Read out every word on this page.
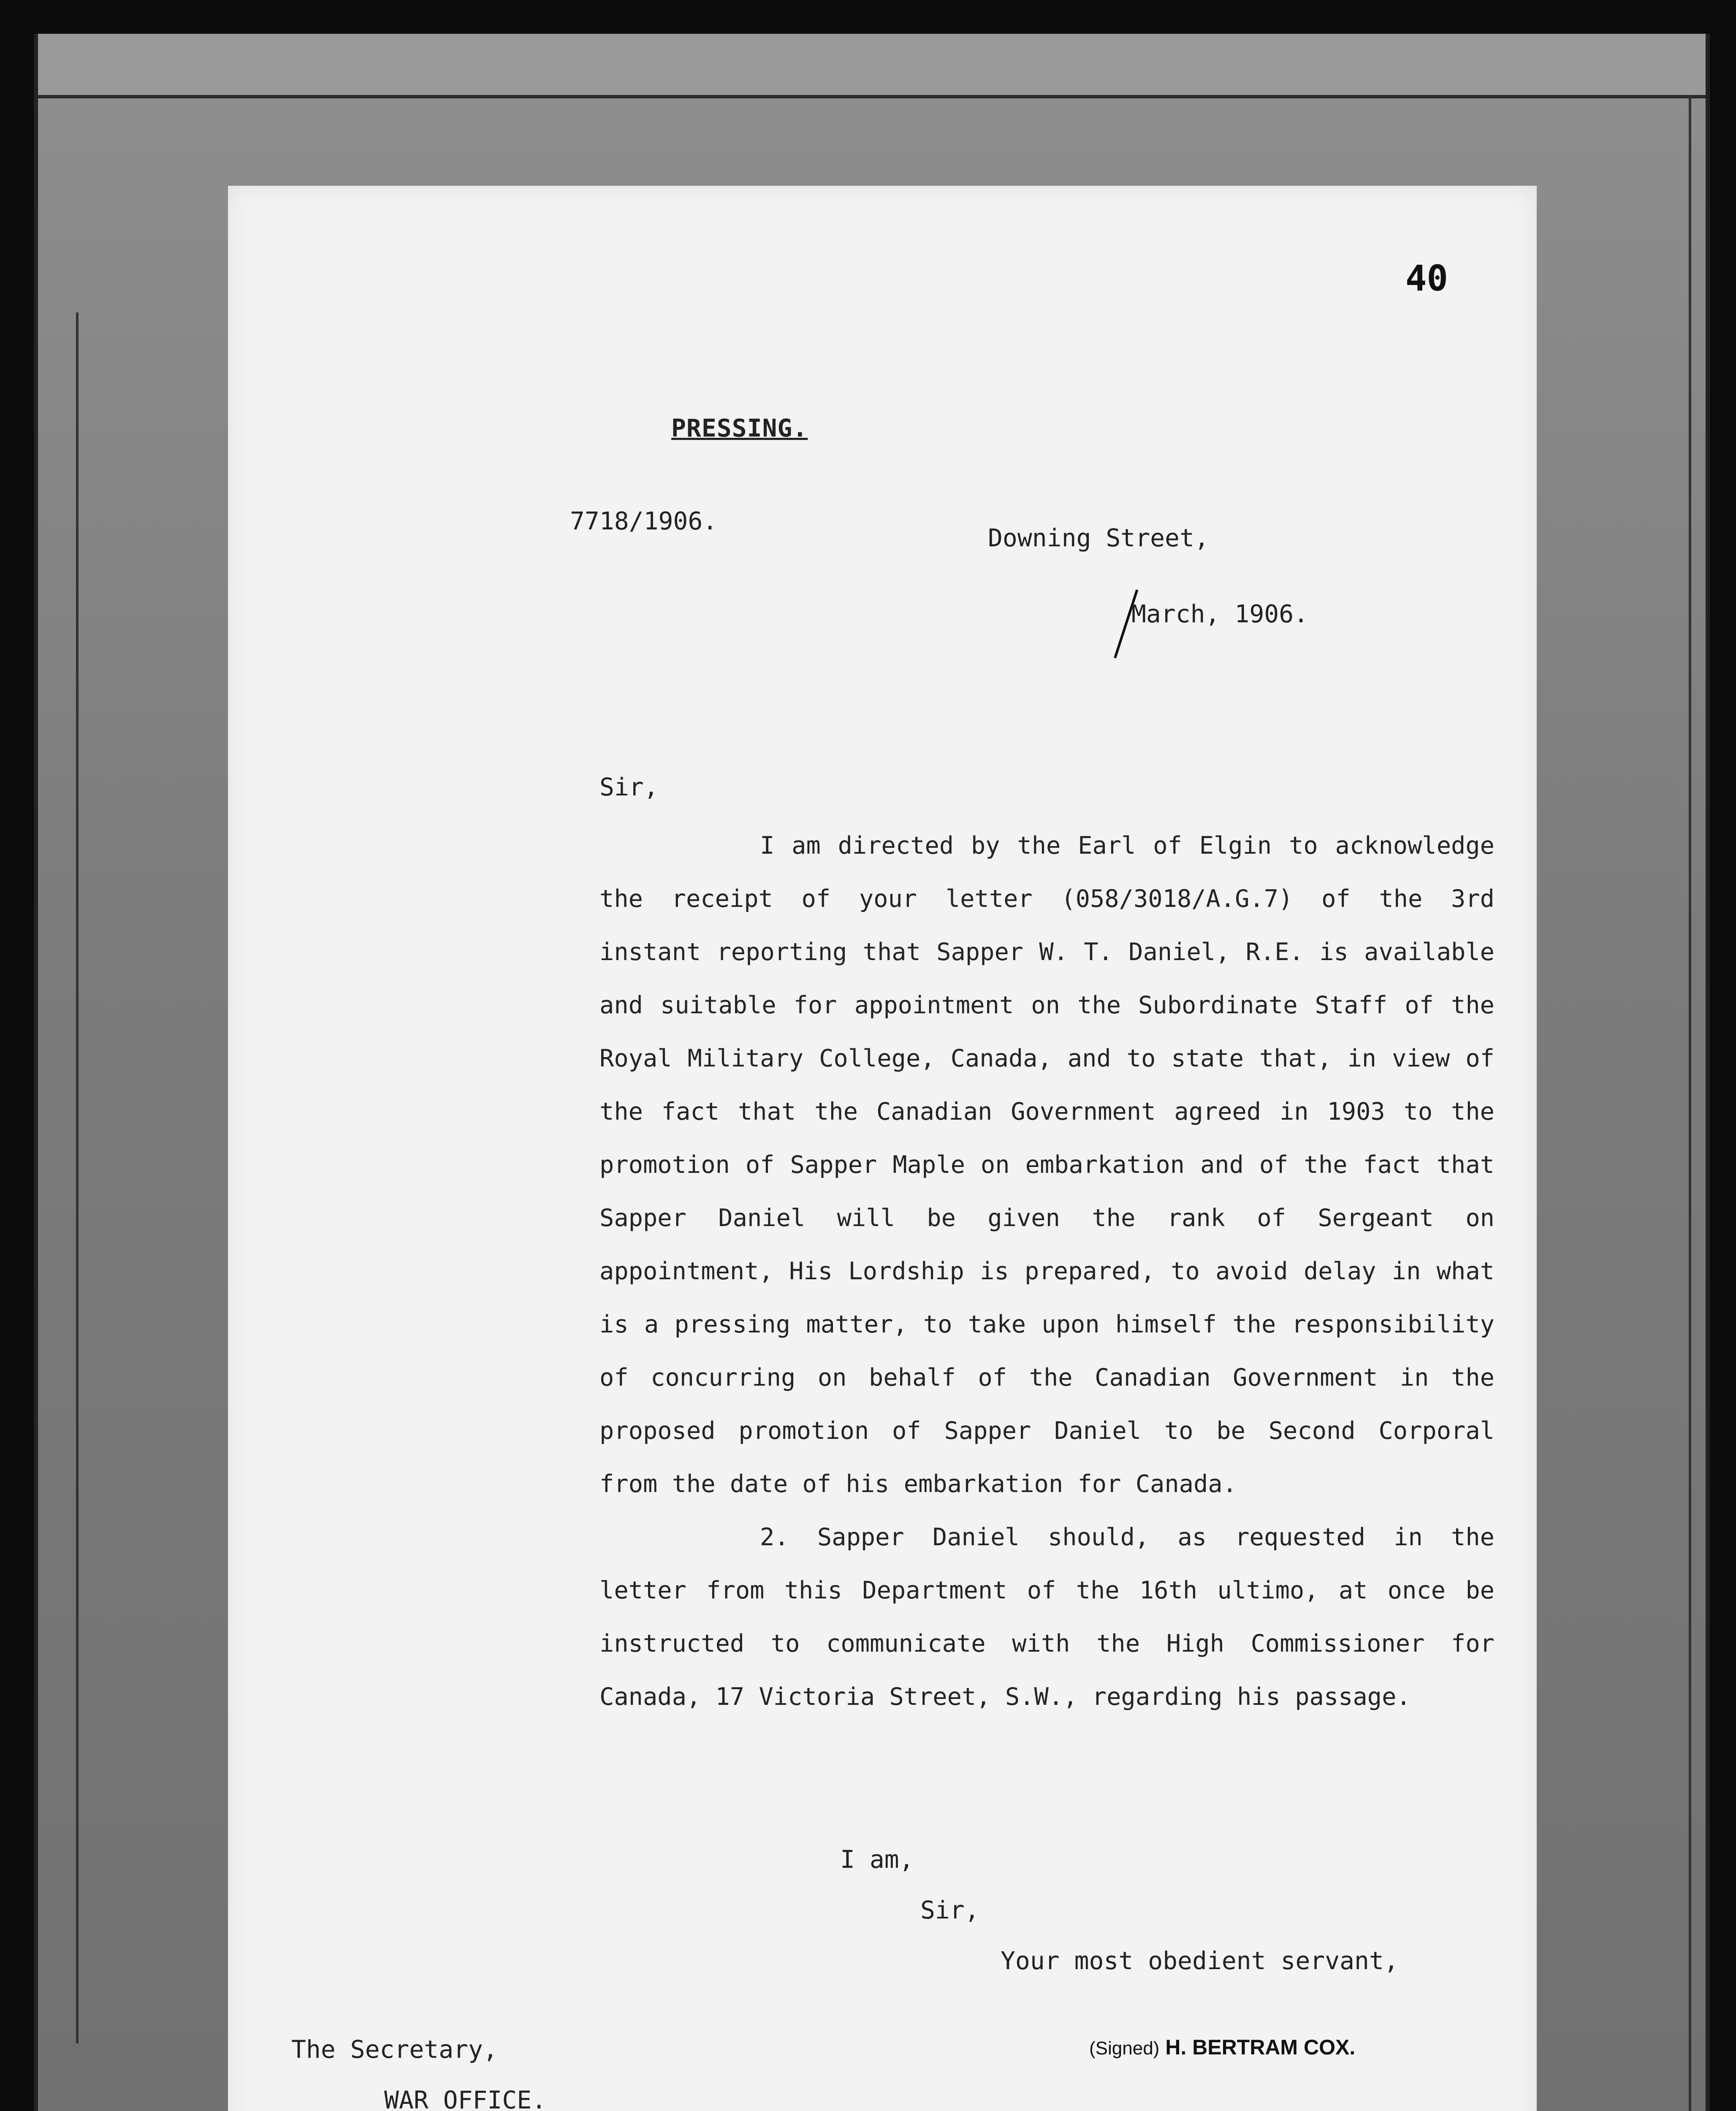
40
PRESSING.
7718/1906.
Downing Street,
March, 1906.
Sir,

I am directed by the Earl of Elgin to acknowledge the receipt of your letter (058/3018/A.G.7) of the 3rd instant reporting that Sapper W. T. Daniel, R.E. is available and suitable for appointment on the Subordinate Staff of the Royal Military College, Canada, and to state that, in view of the fact that the Canadian Government agreed in 1903 to the promotion of Sapper Maple on embarkation and of the fact that Sapper Daniel will be given the rank of Sergeant on appointment, His Lordship is prepared, to avoid delay in what is a pressing matter, to take upon himself the responsibility of concurring on behalf of the Canadian Government in the proposed promotion of Sapper Daniel to be Second Corporal from the date of his embarkation for Canada.

2. Sapper Daniel should, as requested in the letter from this Department of the 16th ultimo, at once be instructed to communicate with the High Commissioner for Canada, 17 Victoria Street, S.W., regarding his passage.

I am,
Sir,
Your most obedient servant,
The Secretary,
WAR OFFICE.
(Signed) H. BERTRAM COX.
